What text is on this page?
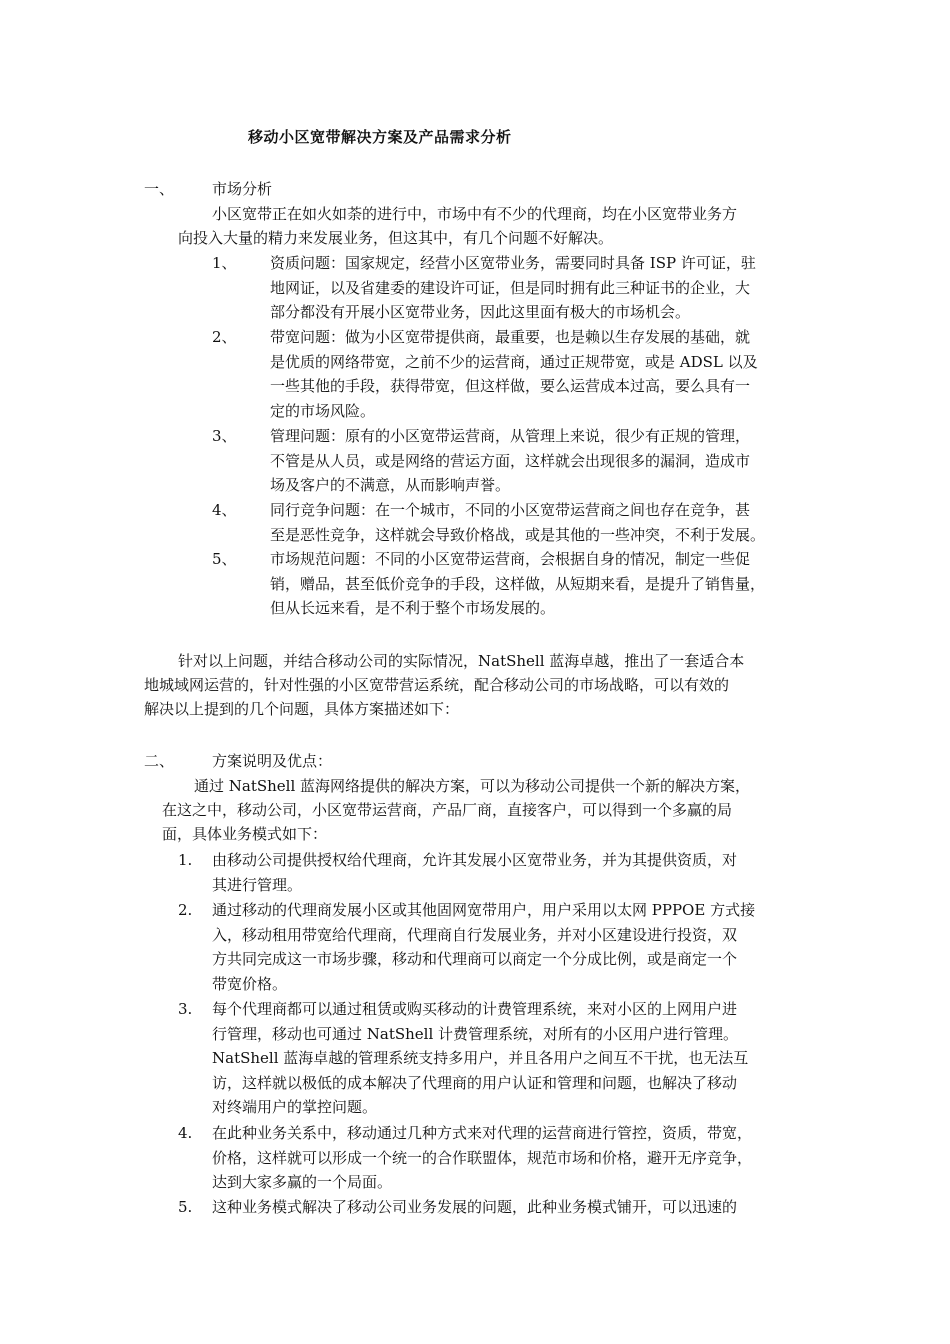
移动小区宽带解决方案及产品需求分析
一、	市场分析
小区宽带正在如火如荼的进行中，市场中有不少的代理商，均在小区宽带业务方
向投入大量的精力来发展业务，但这其中，有几个问题不好解决。
1、 资质问题：国家规定，经营小区宽带业务，需要同时具备 ISP 许可证，驻
地网证，以及省建委的建设许可证，但是同时拥有此三种证书的企业，大
部分都没有开展小区宽带业务，因此这里面有极大的市场机会。
2、 带宽问题：做为小区宽带提供商，最重要，也是赖以生存发展的基础，就
是优质的网络带宽，之前不少的运营商，通过正规带宽，或是 ADSL 以及
一些其他的手段，获得带宽，但这样做，要么运营成本过高，要么具有一
定的市场风险。
3、 管理问题：原有的小区宽带运营商，从管理上来说，很少有正规的管理，
不管是从人员，或是网络的营运方面，这样就会出现很多的漏洞，造成市
场及客户的不满意，从而影响声誉。
4、 同行竞争问题：在一个城市，不同的小区宽带运营商之间也存在竞争，甚
至是恶性竞争，这样就会导致价格战，或是其他的一些冲突，不利于发展。
5、 市场规范问题：不同的小区宽带运营商，会根据自身的情况，制定一些促
销，赠品，甚至低价竞争的手段，这样做，从短期来看，是提升了销售量，
但从长远来看，是不利于整个市场发展的。
针对以上问题，并结合移动公司的实际情况，NatShell 蓝海卓越，推出了一套适合本
地城域网运营的，针对性强的小区宽带营运系统，配合移动公司的市场战略，可以有效的
解决以上提到的几个问题，具体方案描述如下：
二、	方案说明及优点：
通过 NatShell 蓝海网络提供的解决方案，可以为移动公司提供一个新的解决方案，
在这之中，移动公司，小区宽带运营商，产品厂商，直接客户，可以得到一个多赢的局
面，具体业务模式如下：
1. 由移动公司提供授权给代理商，允许其发展小区宽带业务，并为其提供资质，对
其进行管理。
2. 通过移动的代理商发展小区或其他固网宽带用户，用户采用以太网 PPPOE 方式接
入，移动租用带宽给代理商，代理商自行发展业务，并对小区建设进行投资，双
方共同完成这一市场步骤，移动和代理商可以商定一个分成比例，或是商定一个
带宽价格。
3. 每个代理商都可以通过租赁或购买移动的计费管理系统，来对小区的上网用户进
行管理，移动也可通过 NatShell 计费管理系统，对所有的小区用户进行管理。
NatShell 蓝海卓越的管理系统支持多用户，并且各用户之间互不干扰，也无法互
访，这样就以极低的成本解决了代理商的用户认证和管理和问题，也解决了移动
对终端用户的掌控问题。
4. 在此种业务关系中，移动通过几种方式来对代理的运营商进行管控，资质，带宽，
价格，这样就可以形成一个统一的合作联盟体，规范市场和价格，避开无序竞争，
达到大家多赢的一个局面。
5. 这种业务模式解决了移动公司业务发展的问题，此种业务模式铺开，可以迅速的
